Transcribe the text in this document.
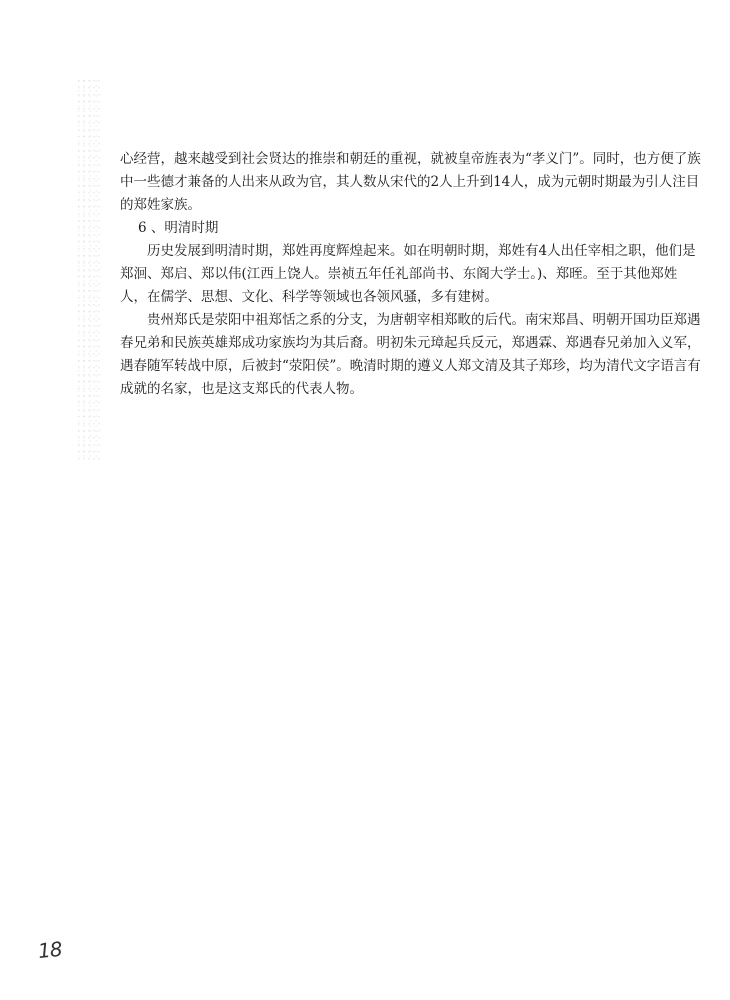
心经营，越来越受到社会贤达的推崇和朝廷的重视，就被皇帝旌表为“孝义门”。同时，也方便了族中一些德才兼备的人出来从政为官，其人数从宋代的2人上升到14人，成为元朝时期最为引人注目的郑姓家族。

6 、明清时期

历史发展到明清时期，郑姓再度辉煌起来。如在明朝时期，郑姓有4人出任宰相之职，他们是郑洄、郑启、郑以伟(江西上饶人。崇祯五年任礼部尚书、东阁大学士。)、郑晊。至于其他郑姓人，在儒学、思想、文化、科学等领域也各领风骚，多有建树。

贵州郑氏是荥阳中祖郑恬之系的分支，为唐朝宰相郑畋的后代。南宋郑昌、明朝开国功臣郑遇春兄弟和民族英雄郑成功家族均为其后裔。明初朱元璋起兵反元，郑遇霖、郑遇春兄弟加入义军，遇春随军转战中原，后被封“荥阳侯”。晚清时期的遵义人郑文清及其子郑珍，均为清代文字语言有成就的名家，也是这支郑氏的代表人物。

18
